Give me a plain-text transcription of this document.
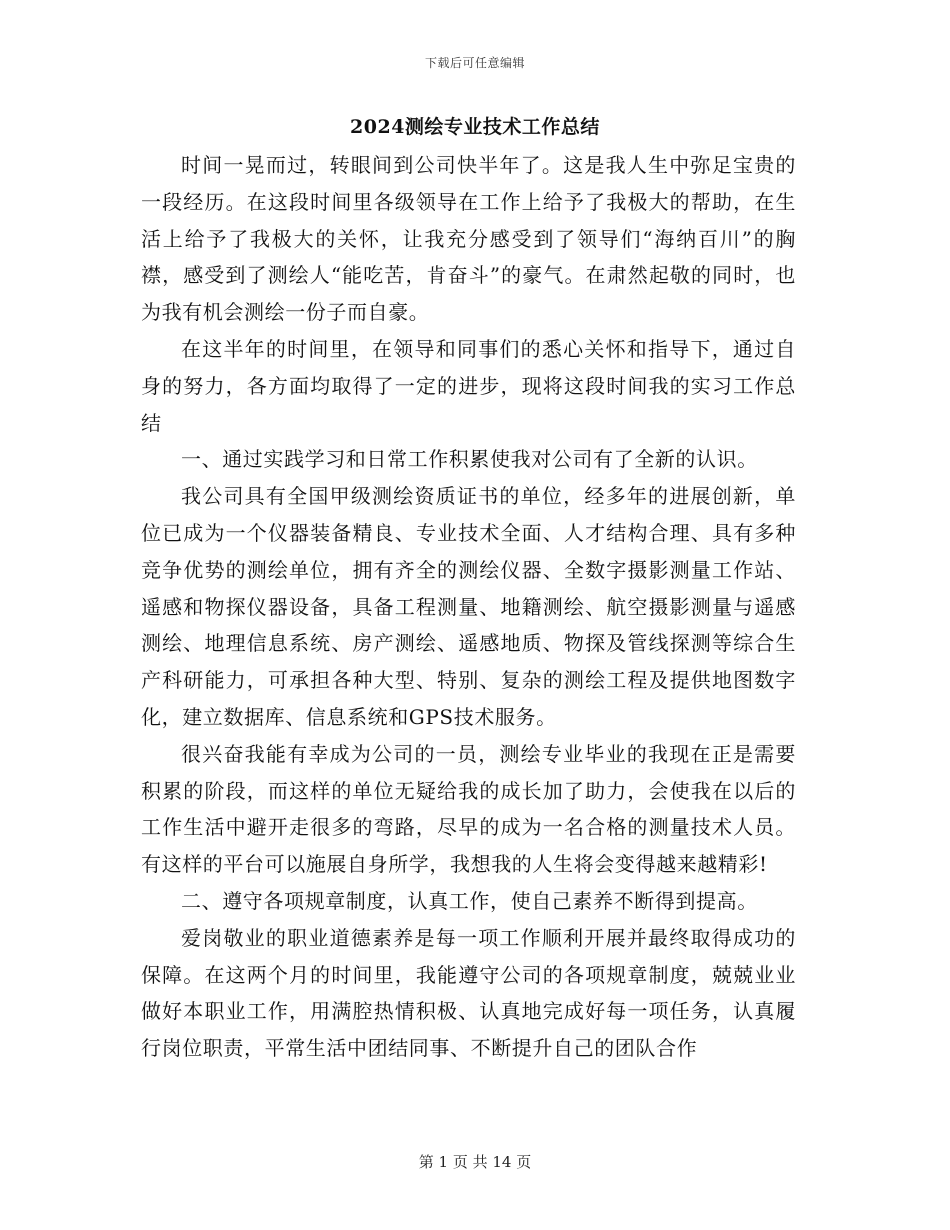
下载后可任意编辑
2024测绘专业技术工作总结

时间一晃而过，转眼间到公司快半年了。这是我人生中弥足宝贵的一段经历。在这段时间里各级领导在工作上给予了我极大的帮助，在生活上给予了我极大的关怀，让我充分感受到了领导们“海纳百川”的胸襟，感受到了测绘人“能吃苦，肯奋斗”的豪气。在肃然起敬的同时，也为我有机会测绘一份子而自豪。

在这半年的时间里，在领导和同事们的悉心关怀和指导下，通过自身的努力，各方面均取得了一定的进步，现将这段时间我的实习工作总结

一、通过实践学习和日常工作积累使我对公司有了全新的认识。

我公司具有全国甲级测绘资质证书的单位，经多年的进展创新，单位已成为一个仪器装备精良、专业技术全面、人才结构合理、具有多种竞争优势的测绘单位，拥有齐全的测绘仪器、全数字摄影测量工作站、遥感和物探仪器设备，具备工程测量、地籍测绘、航空摄影测量与遥感测绘、地理信息系统、房产测绘、遥感地质、物探及管线探测等综合生产科研能力，可承担各种大型、特别、复杂的测绘工程及提供地图数字化，建立数据库、信息系统和GPS技术服务。

很兴奋我能有幸成为公司的一员，测绘专业毕业的我现在正是需要积累的阶段，而这样的单位无疑给我的成长加了助力，会使我在以后的工作生活中避开走很多的弯路，尽早的成为一名合格的测量技术人员。有这样的平台可以施展自身所学，我想我的人生将会变得越来越精彩!

二、遵守各项规章制度，认真工作，使自己素养不断得到提高。

爱岗敬业的职业道德素养是每一项工作顺利开展并最终取得成功的保障。在这两个月的时间里，我能遵守公司的各项规章制度，兢兢业业做好本职业工作，用满腔热情积极、认真地完成好每一项任务，认真履行岗位职责，平常生活中团结同事、不断提升自己的团队合作

第 1 页 共 14 页
